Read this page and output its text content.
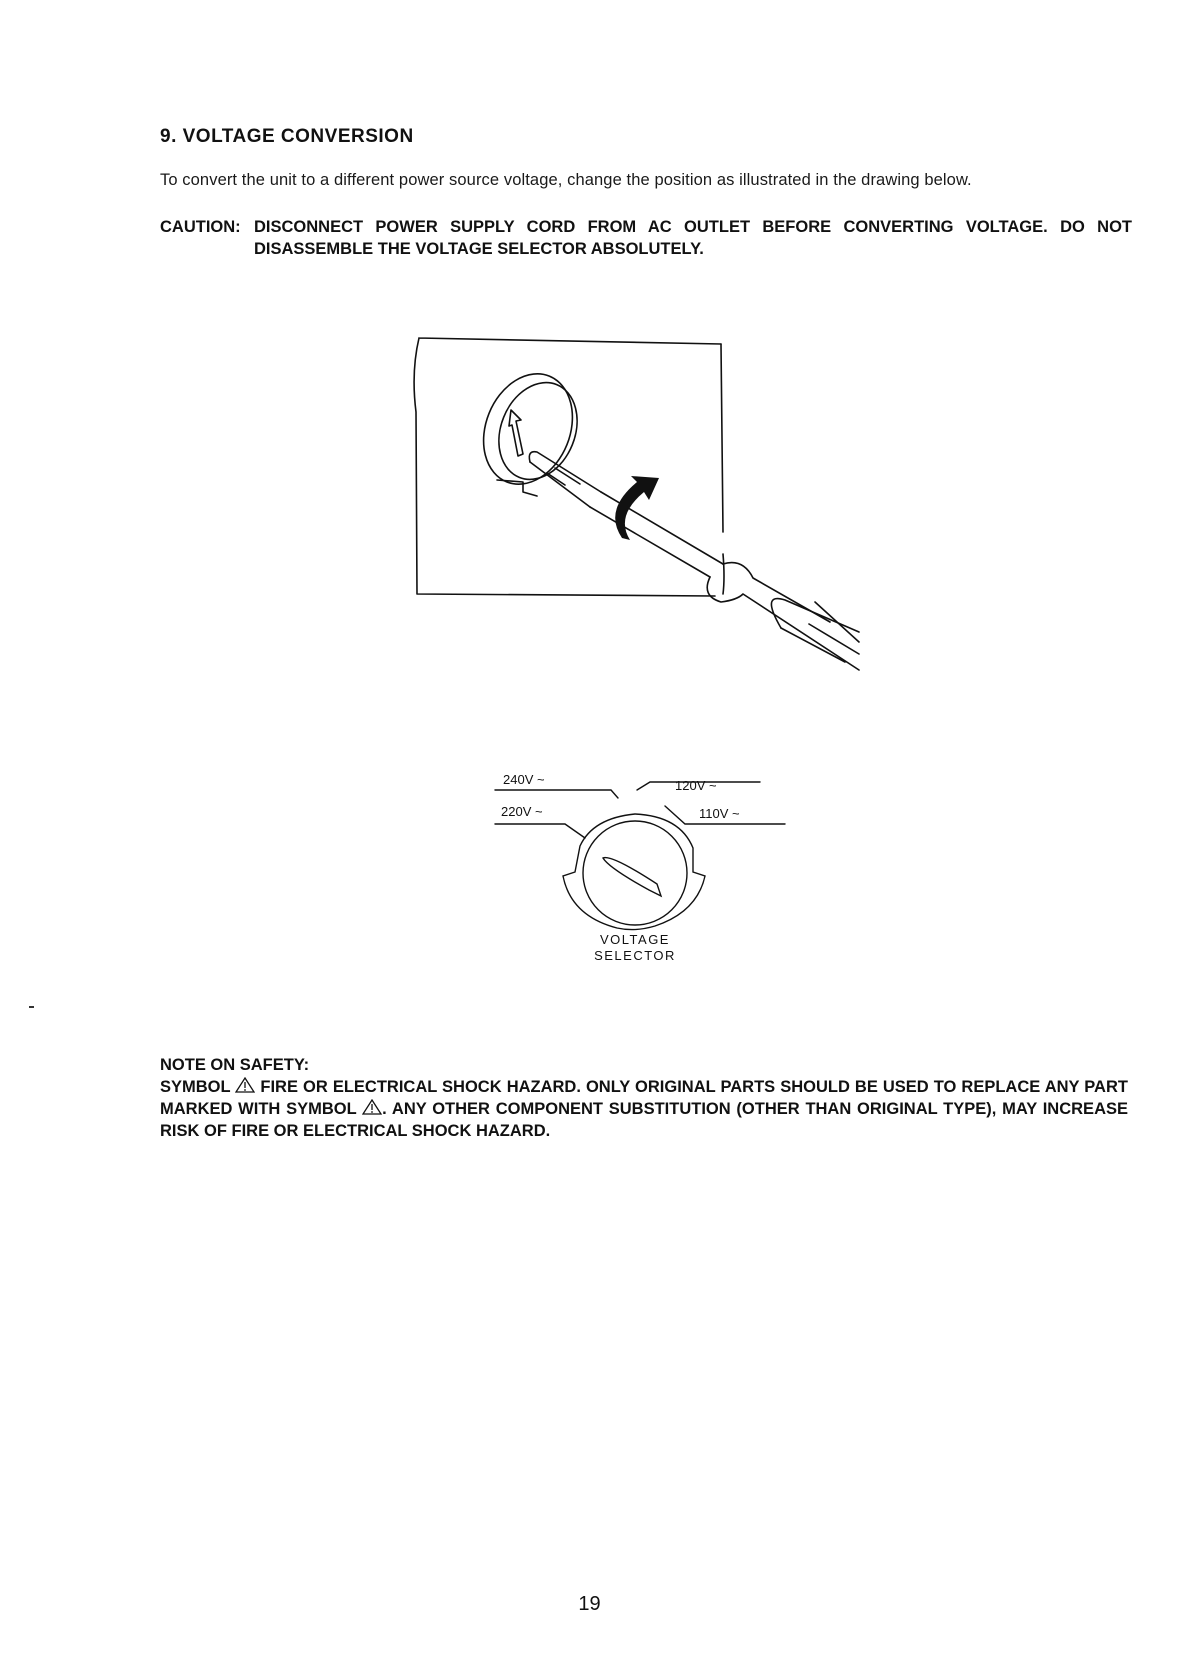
9. VOLTAGE CONVERSION
To convert the unit to a different power source voltage, change the position as illustrated in the drawing below.
CAUTION: DISCONNECT POWER SUPPLY CORD FROM AC OUTLET BEFORE CONVERTING VOLTAGE. DO NOT DISASSEMBLE THE VOLTAGE SELECTOR ABSOLUTELY.
240V ~	120V ~
220V ~	110V ~
VOLTAGE
SELECTOR
NOTE ON SAFETY:
SYMBOL FIRE OR ELECTRICAL SHOCK HAZARD. ONLY ORIGINAL PARTS SHOULD BE USED TO REPLACE ANY PART MARKED WITH SYMBOL . ANY OTHER COMPONENT SUBSTITUTION (OTHER THAN ORIGINAL TYPE), MAY INCREASE RISK OF FIRE OR ELECTRICAL SHOCK HAZARD.
19
